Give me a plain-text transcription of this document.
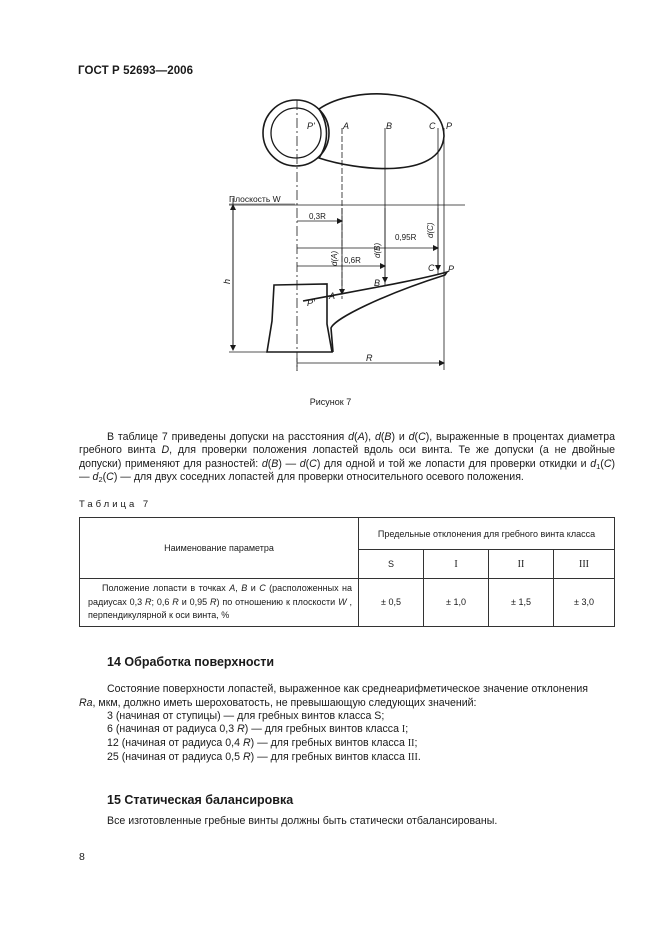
ГОСТ Р 52693—2006
P'	A	B	C P
Плоскость W
0,3R
0,6R
0,95R
d(A)
d(B)
d(C)
C P
B
A
P'
h
R
Рисунок 7
В таблице 7 приведены допуски на расстояния d(A), d(B) и d(C), выраженные в процентах диаметра гребного винта D, для проверки положения лопастей вдоль оси винта. Те же допуски (а не двойные допуски) применяют для разностей: d(B) — d(C) для одной и той же лопасти для проверки откидки и $d_1(C)$ — $d_2(C)$ — для двух соседних лопастей для проверки относительного осевого положения.
Таблица 7
Наименование параметра	Предельные отклонения для гребного винта класса			
	S	I	II	III
Положение лопасти в точках A, B и C (расположенных на радиусах 0,3 R; 0,6 R и 0,95 R) по отношению к плоскости W , перпендикулярной к оси винта, %	± 0,5	± 1,0	± 1,5	± 3,0
14 Обработка поверхности
Состояние поверхности лопастей, выраженное как среднеарифметическое значение отклонения
Ra, мкм, должно иметь шероховатость, не превышающую следующих значений:
3 (начиная от ступицы) — для гребных винтов класса S;
6 (начиная от радиуса 0,3 R) — для гребных винтов класса I;
12 (начиная от радиуса 0,4 R) — для гребных винтов класса II;
25 (начиная от радиуса 0,5 R) — для гребных винтов класса III.
15 Статическая балансировка
Все изготовленные гребные винты должны быть статически отбалансированы.
8
